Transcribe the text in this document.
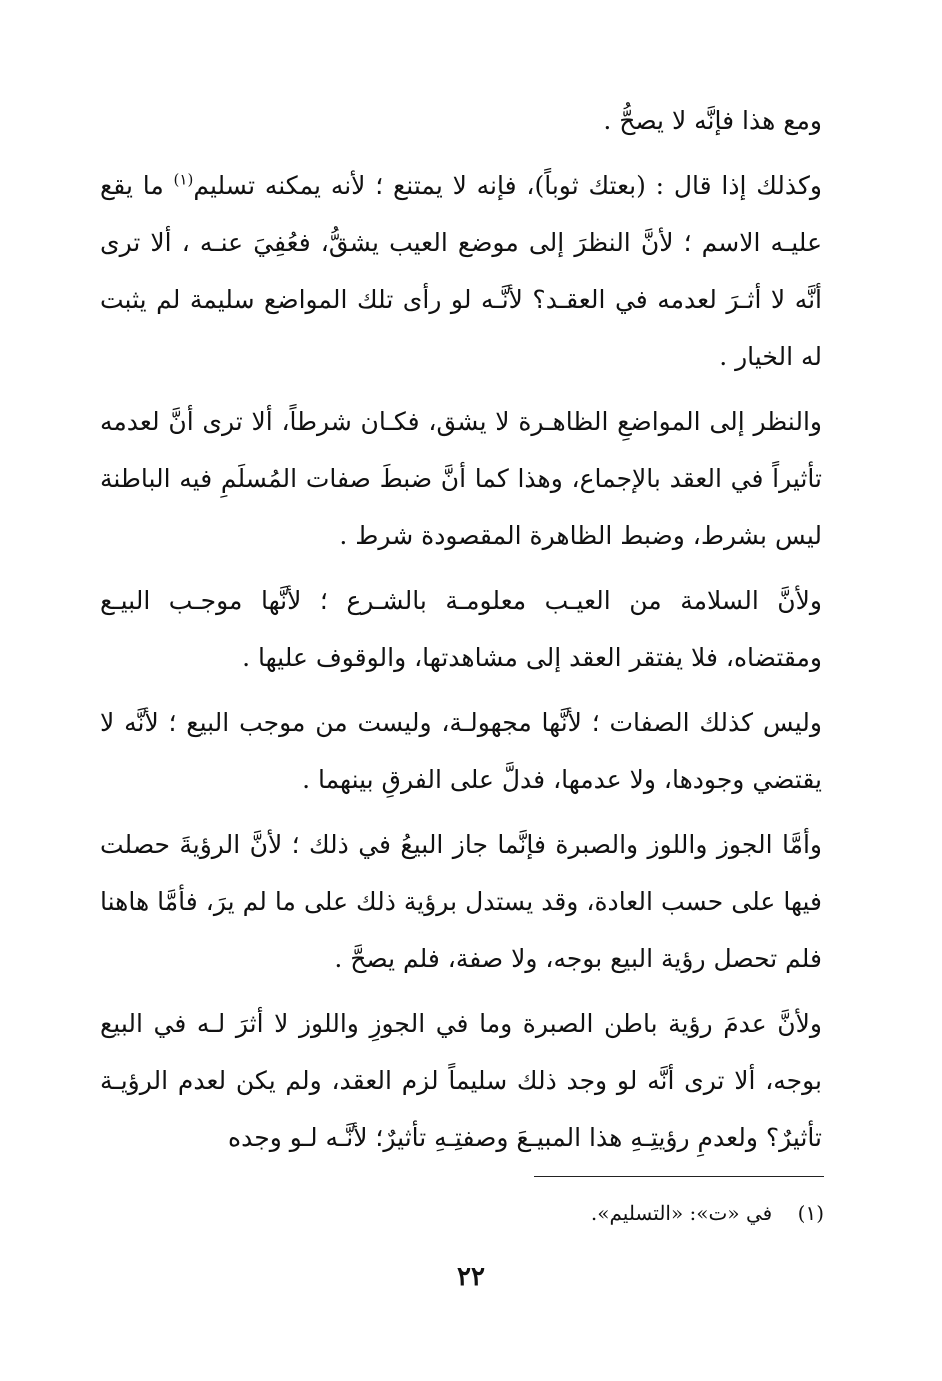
ومع هذا فإنَّه لا يصحُّ .

وكذلك إذا قال : (بعتك ثوباً)، فإنه لا يمتنع ؛ لأنه يمكنه تسليم$^{(١)}$ ما يقع عليـه الاسم ؛ لأنَّ النظرَ إلى موضع العيب يشقُّ، فعُفِيَ عنـه ، ألا ترى أنَّه لا أثـرَ لعدمه في العقـد؟ لأنَّـه لو رأى تلك المواضع سليمة لم يثبت له الخيار .

والنظر إلى المواضعِ الظاهـرة لا يشق، فكـان شرطاً، ألا ترى أنَّ لعدمه تأثيراً في العقد بالإجماع، وهذا كما أنَّ ضبطَ صفات المُسلَمِ فيه الباطنة ليس بشرط، وضبط الظاهرة المقصودة شرط .

ولأنَّ السلامة من العيـب معلومـة بالشـرع ؛ لأنَّها موجـب البيـع ومقتضاه، فلا يفتقر العقد إلى مشاهدتها، والوقوف عليها .

وليس كذلك الصفات ؛ لأنَّها مجهولـة، وليست من موجب البيع ؛ لأنَّه لا يقتضي وجودها، ولا عدمها، فدلَّ على الفرقِ بينهما .

وأمَّا الجوز واللوز والصبرة فإنَّما جاز البيعُ في ذلك ؛ لأنَّ الرؤيةَ حصلت فيها على حسب العادة، وقد يستدل برؤية ذلك على ما لم يرَ، فأمَّا هاهنا فلم تحصل رؤية البيع بوجه، ولا صفة، فلم يصحَّ .

ولأنَّ عدمَ رؤية باطن الصبرة وما في الجوزِ واللوز لا أثرَ لـه في البيع بوجه، ألا ترى أنَّه لو وجد ذلك سليماً لزم العقد، ولم يكن لعدم الرؤيـة تأثيرٌ؟ ولعدمِ رؤيتِـهِ هذا المبيـعَ وصفتِـهِ تأثيرٌ؛ لأنَّـه لـو وجده

(١)    في «ت»: «التسليم».
٢٢
